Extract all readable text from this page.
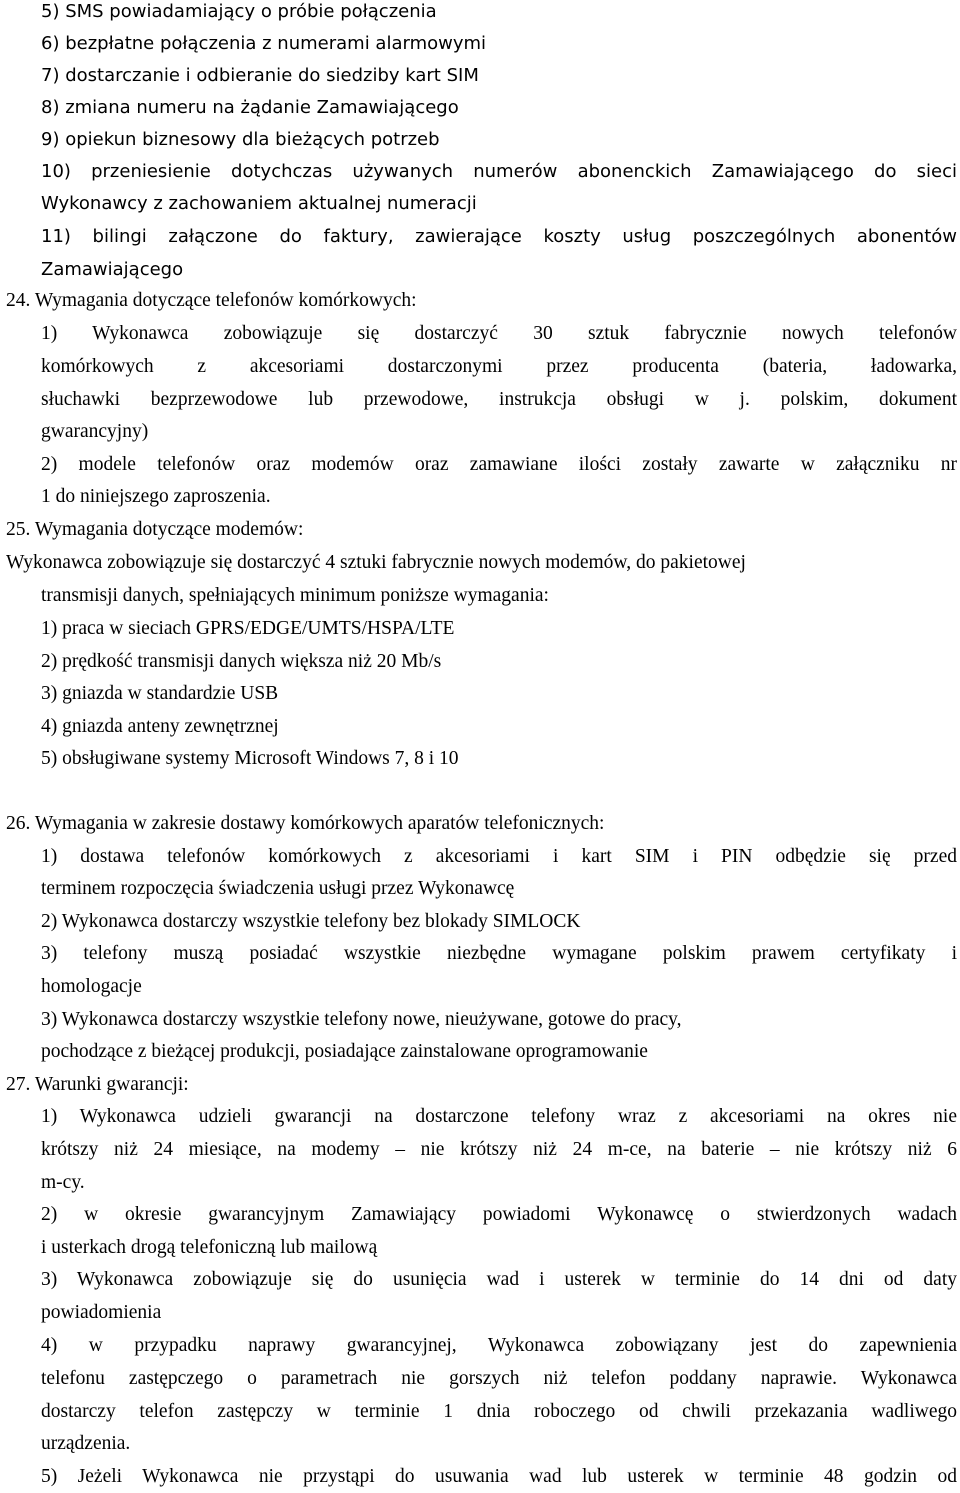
5) SMS powiadamiający o próbie połączenia
6) bezpłatne połączenia z numerami alarmowymi
7) dostarczanie i odbieranie do siedziby kart SIM
8) zmiana numeru na żądanie Zamawiającego
9) opiekun biznesowy dla bieżących potrzeb
10) przeniesienie dotychczas używanych numerów abonenckich Zamawiającego do sieci
Wykonawcy z zachowaniem aktualnej numeracji
11) bilingi załączone do faktury, zawierające koszty usług poszczególnych abonentów
Zamawiającego
24. Wymagania dotyczące telefonów komórkowych:
1) Wykonawca zobowiązuje się dostarczyć 30 sztuk fabrycznie nowych telefonów
komórkowych z akcesoriami dostarczonymi przez producenta (bateria, ładowarka,
słuchawki bezprzewodowe lub przewodowe, instrukcja obsługi w j. polskim, dokument
gwarancyjny)
2) modele telefonów oraz modemów oraz zamawiane ilości zostały zawarte w załączniku nr
1 do niniejszego zaproszenia.
25. Wymagania dotyczące modemów:
Wykonawca zobowiązuje się dostarczyć 4 sztuki fabrycznie nowych modemów, do pakietowej
transmisji danych, spełniających minimum poniższe wymagania:
1) praca w sieciach GPRS/EDGE/UMTS/HSPA/LTE
2) prędkość transmisji danych większa niż 20 Mb/s
3) gniazda w standardzie USB
4) gniazda anteny zewnętrznej
5) obsługiwane systemy Microsoft Windows 7, 8 i 10
26. Wymagania w zakresie dostawy komórkowych aparatów telefonicznych:
1) dostawa telefonów komórkowych z akcesoriami i kart SIM i PIN odbędzie się przed
terminem rozpoczęcia świadczenia usługi przez Wykonawcę
2) Wykonawca dostarczy wszystkie telefony bez blokady SIMLOCK
3) telefony muszą posiadać wszystkie niezbędne wymagane polskim prawem certyfikaty i
homologacje
3) Wykonawca dostarczy wszystkie telefony nowe, nieużywane, gotowe do pracy,
pochodzące z bieżącej produkcji, posiadające zainstalowane oprogramowanie
27. Warunki gwarancji:
1) Wykonawca udzieli gwarancji na dostarczone telefony wraz z akcesoriami na okres nie
krótszy niż 24 miesiące, na modemy – nie krótszy niż 24 m-ce, na baterie – nie krótszy niż 6
m-cy.
2) w okresie gwarancyjnym Zamawiający powiadomi Wykonawcę o stwierdzonych wadach
i usterkach drogą telefoniczną lub mailową
3) Wykonawca zobowiązuje się do usunięcia wad i usterek w terminie do 14 dni od daty
powiadomienia
4) w przypadku naprawy gwarancyjnej, Wykonawca zobowiązany jest do zapewnienia
telefonu zastępczego o parametrach nie gorszych niż telefon poddany naprawie. Wykonawca
dostarczy telefon zastępczy w terminie 1 dnia roboczego od chwili przekazania wadliwego
urządzenia.
5) Jeżeli Wykonawca nie przystąpi do usuwania wad lub usterek w terminie 48 godzin od
